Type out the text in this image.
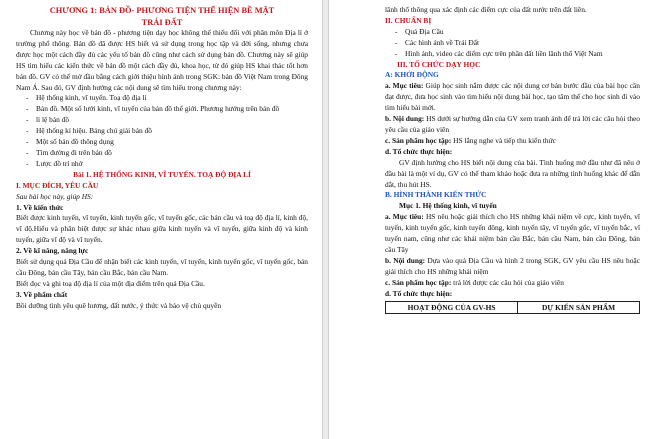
CHƯƠNG 1: BẢN ĐỒ- PHƯƠNG TIỆN THỂ HIỆN BỀ MẶT

TRÁI ĐẤT

Chương này học về bản đồ - phương tiện dạy học không thể thiếu đối với phân môn Địa lí ở trường phổ thông. Bản đồ đã được HS biết và sử dụng trong học tập và đời sống, nhưng chưa được học một cách đầy đủ các yếu tố bản đồ cũng như cách sử dụng bản đồ. Chương này sẽ giúp HS tìm hiểu các kiến thức về bản đồ một cách đầy đủ, khoa học, từ đó giúp HS khai thác tốt hơn bản đồ. GV có thể mở đầu bằng cách giới thiệu hình ảnh trong SGK: bản đồ Việt Nam trong Đông Nam Á. Sau đó, GV định hướng các nội dung sẽ tìm hiểu trong chương này:

- Hệ thống kinh, vĩ tuyến. Toạ độ địa lí

- Bản đồ. Một số lưới kinh, vĩ tuyến của bản đồ thế giới. Phương hướng trên bản đồ

- lỉ lệ bản đồ

- Hệ thống kí hiệu. Bảng chú giải bản đồ

- Một số bản đồ thông dụng

- Tìm đường đi trên bản đồ

- Lược đồ trí nhớ

Bài 1. HỆ THỐNG KINH, VĨ TUYẾN. TOẠ ĐỘ ĐỊA LÍ

I. MỤC ĐÍCH, YÊU CẦU

Sau bài học này, giúp HS:

1. Về kiến thức

Biết được kinh tuyến, vĩ tuyến, kinh tuyến gốc, vĩ tuyến gốc, các bán cầu và toạ độ địa lí, kinh độ, vĩ độ.Hiểu và phân biệt được sự khác nhau giữa kinh tuyến và vĩ tuyến, giữa kinh độ và kinh tuyến, giữa vĩ độ và vĩ tuyến.

2. Về kĩ năng, năng lực

Biết sử dụng quả Địa Cầu để nhận biết các kinh tuyến, vĩ tuyến, kinh tuyến gốc, vĩ tuyến gốc, bán cầu Đông, bán cầu Tây, bán cầu Bắc, bán cầu Nam.

Biết đọc và ghi toạ độ địa lí của một địa điểm trên quả Địa Cầu.

3. Về phẩm chất

Bồi dưỡng tình yêu quê hương, đất nước, ý thức và bảo vệ chủ quyền

lãnh thổ thông qua xác định các điểm cực của đất nước trên đất liền.

II. CHUẨN BỊ

- Quả Địa Cầu

- Các hình ảnh về Trái Đất

- Hình ảnh, video các điểm cực trên phần đất liền lãnh thổ Việt Nam

III. TỔ CHỨC DẠY HỌC

A: KHỞI ĐỘNG

a. Mục tiêu: Giúp học sinh nắm được các nội dung cơ bản bước đầu của bài học cần đạt được, đưa học sinh vào tìm hiểu nội dung bài học, tạo tâm thế cho học sinh đi vào tìm hiểu bài mới.

b. Nội dung: HS dưới sự hướng dẫn của GV xem tranh ảnh để trả lời các câu hỏi theo yêu cầu của giáo viên

c. Sản phẩm học tập: HS lắng nghe và tiếp thu kiến thức

d. Tổ chức thực hiện:

GV định hướng cho HS biết nội dung của bài. Tình huống mở đầu như đã nêu ở đầu bài là một ví dụ, GV có thể tham khảo hoặc đưa ra những tình huống khác để dẫn dắt, thu hút HS.

B. HÌNH THÀNH KIẾN THỨC

Mục 1. Hệ thống kinh, vĩ tuyến

a. Mục tiêu: HS nêu hoặc giải thích cho HS những khái niệm về cực, kinh tuyến, vĩ tuyến, kinh tuyến gốc, kinh tuyến đông, kinh tuyến tây, vĩ tuyến gốc, vĩ tuyến bắc, vĩ tuyến nam, cũng như các khái niệm bán cầu Bắc, bán cầu Nam, bán cầu Đông, bán cầu Tây

b. Nội dung: Dựa vào quả Địa Cầu và hình 2 trong SGK, GV yêu cầu HS nêu hoặc giải thích cho HS những khái niệm

c. Sản phẩm học tập: trả lời được các câu hỏi của giáo viên

d. Tổ chức thực hiện:

HOẠT ĐỘNG CỦA GV-HS	DỰ KIẾN SẢN PHẨM
